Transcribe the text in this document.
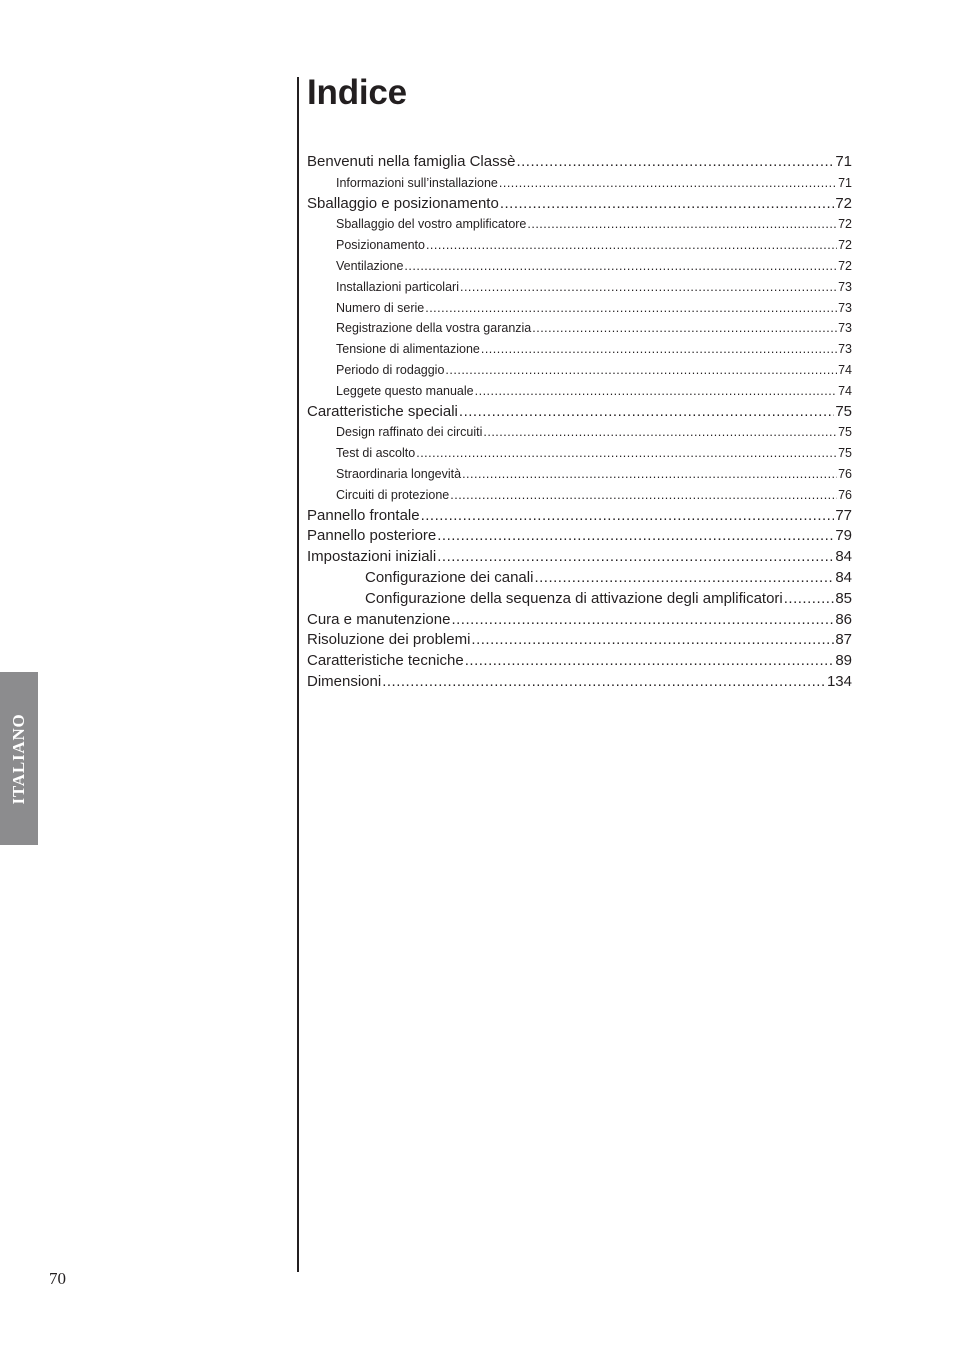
Indice
Benvenuti nella famiglia Classè .....	71
Informazioni sull’installazione .....	71
Sballaggio e posizionamento .....	72
Sballaggio del vostro amplificatore .....	72
Posizionamento .....	72
Ventilazione .....	72
Installazioni particolari .....	73
Numero di serie .....	73
Registrazione della vostra garanzia .....	73
Tensione di alimentazione .....	73
Periodo di rodaggio .....	74
Leggete questo manuale .....	74
Caratteristiche speciali .....	75
Design raffinato dei circuiti .....	75
Test di ascolto .....	75
Straordinaria longevità .....	76
Circuiti di protezione .....	76
Pannello frontale .....	77
Pannello posteriore .....	79
Impostazioni iniziali .....	84
Configurazione dei canali .....	84
Configurazione della sequenza di attivazione degli amplificatori .....	85
Cura e manutenzione .....	86
Risoluzione dei problemi .....	87
Caratteristiche tecniche .....	89
Dimensioni .....	134
ITALIANO
70
